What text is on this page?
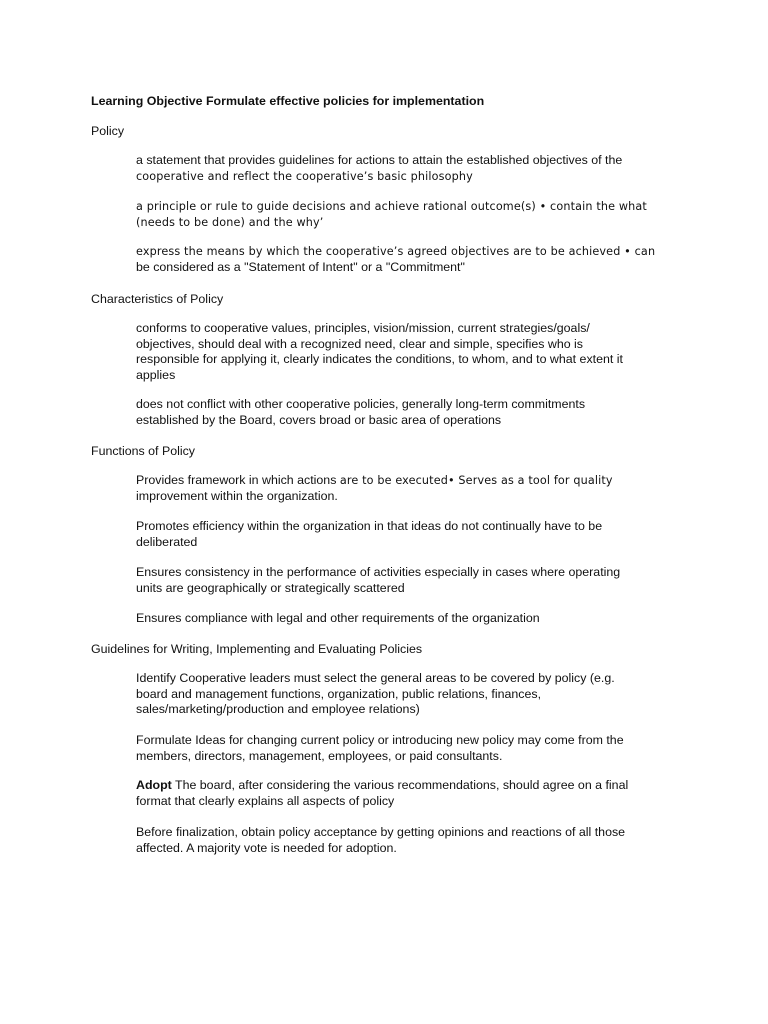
Learning Objective Formulate effective policies for implementation
Policy
a statement that provides guidelines for actions to attain the established objectives of the
cooperative and reflect the cooperative’s basic philosophy
a principle or rule to guide decisions and achieve rational outcome(s) • contain the what
(needs to be done) and the why’
express the means by which the cooperative’s agreed objectives are to be achieved • can
be considered as a "Statement of Intent" or a "Commitment"
Characteristics of Policy
conforms to cooperative values, principles, vision/mission, current strategies/goals/
objectives, should deal with a recognized need, clear and simple, specifies who is
responsible for applying it, clearly indicates the conditions, to whom, and to what extent it
applies
does not conflict with other cooperative policies, generally long-term commitments
established by the Board, covers broad or basic area of operations
Functions of Policy
Provides framework in which actions are to be executed• Serves as a tool for quality
improvement within the organization.
Promotes efficiency within the organization in that ideas do not continually have to be
deliberated
Ensures consistency in the performance of activities especially in cases where operating
units are geographically or strategically scattered
Ensures compliance with legal and other requirements of the organization
Guidelines for Writing, Implementing and Evaluating Policies
Identify Cooperative leaders must select the general areas to be covered by policy (e.g.
board and management functions, organization, public relations, finances,
sales/marketing/production and employee relations)
Formulate Ideas for changing current policy or introducing new policy may come from the
members, directors, management, employees, or paid consultants.
Adopt The board, after considering the various recommendations, should agree on a final
format that clearly explains all aspects of policy
Before finalization, obtain policy acceptance by getting opinions and reactions of all those
affected. A majority vote is needed for adoption.
